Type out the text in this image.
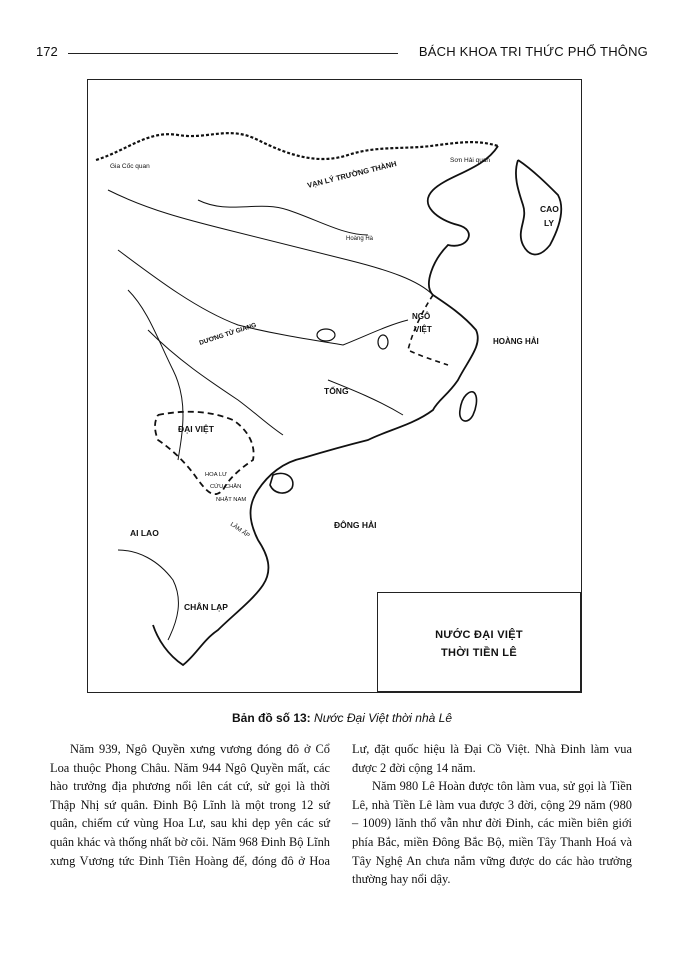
172	BÁCH KHOA TRI THỨC PHỔ THÔNG
Gia Cốc quan
Sơn Hải quan
VẠN LÝ TRƯỜNG THÀNH
Hoàng Hà
CAO
LY
NGÔ
VIỆT
HOÀNG HẢI
DƯƠNG TỬ GIANG
TỐNG
ĐẠI VIỆT
HOA LƯ
CỬU CHÂN
NHẬT NAM
LÂM ẤP
AI LAO
ĐÔNG HẢI
CHÂN LẠP
NƯỚC ĐẠI VIỆT
THỜI TIỀN LÊ
Bản đồ số 13: Nước Đại Việt thời nhà Lê

Năm 939, Ngô Quyền xưng vương đóng đô ở Cổ Loa thuộc Phong Châu. Năm 944 Ngô Quyền mất, các hào trưởng địa phương nổi lên cát cứ, sử gọi là thời Thập Nhị sứ quân. Đinh Bộ Lĩnh là một trong 12 sứ quân, chiếm cứ vùng Hoa Lư, sau khi dẹp yên các sứ quân khác và thống nhất bờ cõi. Năm 968 Đinh Bộ Lĩnh xưng Vương tức Đinh Tiên Hoàng đế, đóng đô ở Hoa Lư, đặt quốc hiệu là Đại Cồ Việt. Nhà Đinh làm vua được 2 đời cộng 14 năm.

Năm 980 Lê Hoàn được tôn làm vua, sử gọi là Tiền Lê, nhà Tiền Lê làm vua được 3 đời, cộng 29 năm (980 – 1009) lãnh thổ vẫn như đời Đinh, các miền biên giới phía Bắc, miền Đông Bắc Bộ, miền Tây Thanh Hoá và Tây Nghệ An chưa nắm vững được do các hào trưởng thường hay nổi dậy.
